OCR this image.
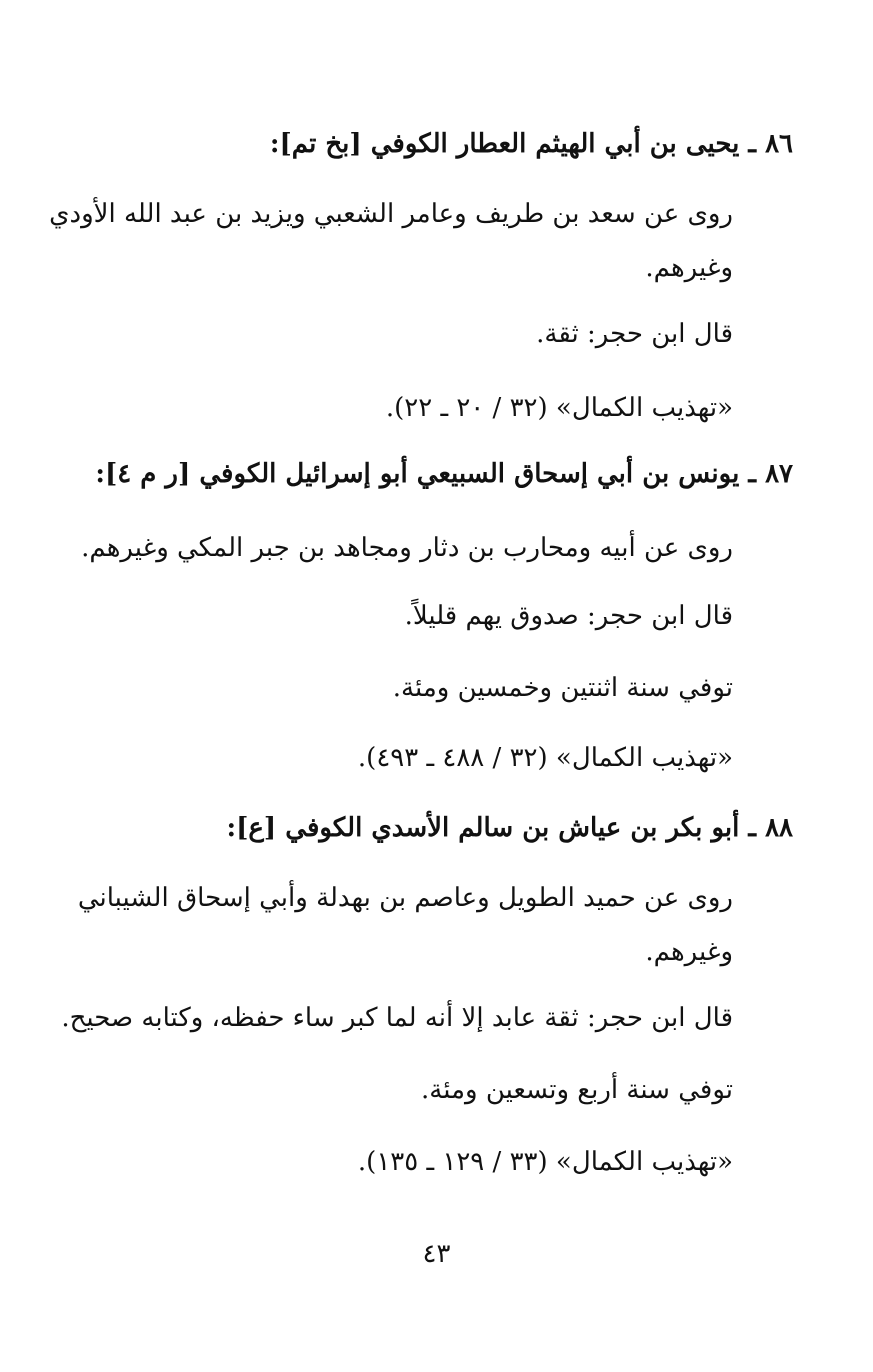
٨٦ ـ يحيى بن أبي الهيثم العطار الكوفي [بخ تم]:
روى عن سعد بن طريف وعامر الشعبي ويزيد بن عبد الله الأودي
وغيرهم.
قال ابن حجر: ثقة.
«تهذيب الكمال» (٣٢ / ٢٠ ـ ٢٢).
٨٧ ـ يونس بن أبي إسحاق السبيعي أبو إسرائيل الكوفي [ر م ٤]:
روى عن أبيه ومحارب بن دثار ومجاهد بن جبر المكي وغيرهم.
قال ابن حجر: صدوق يهم قليلاً.
توفي سنة اثنتين وخمسين ومئة.
«تهذيب الكمال» (٣٢ / ٤٨٨ ـ ٤٩٣).
٨٨ ـ أبو بكر بن عياش بن سالم الأسدي الكوفي [ع]:
روى عن حميد الطويل وعاصم بن بهدلة وأبي إسحاق الشيباني
وغيرهم.
قال ابن حجر: ثقة عابد إلا أنه لما كبر ساء حفظه، وكتابه صحيح.
توفي سنة أربع وتسعين ومئة.
«تهذيب الكمال» (٣٣ / ١٢٩ ـ ١٣٥).
٤٣
